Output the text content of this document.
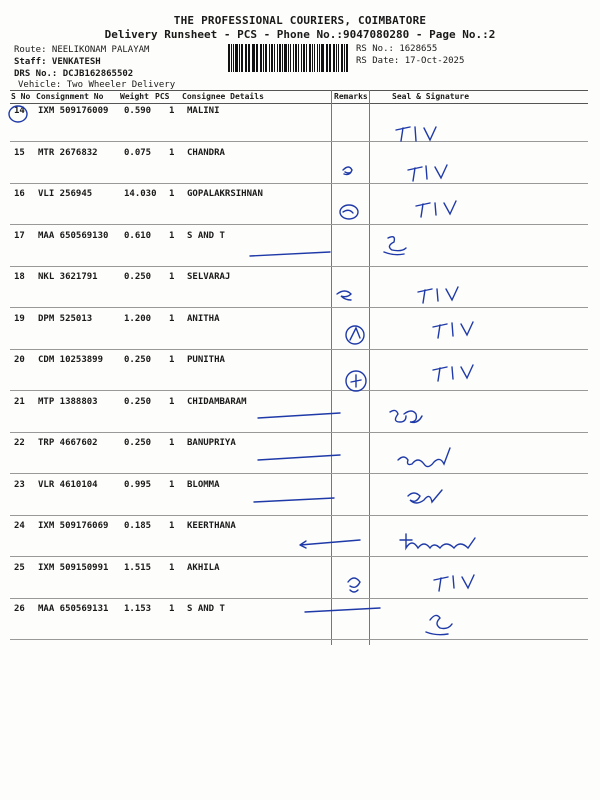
THE PROFESSIONAL COURIERS, COIMBATORE
Delivery Runsheet - PCS - Phone No.:9047080280 - Page No.:2
Route: NEELIKONAM PALAYAM
Staff: VENKATESH
DRS No.: DCJB162865502
Vehicle: Two Wheeler Delivery
RS No.: 1628655
RS Date: 17-Oct-2025
S No Consignment No Weight PCS Consignee Details	Remarks	Seal & Signature
14 IXM 509176009 0.590 1 MALINI
15 MTR 2676832	0.075 1 CHANDRA
16 VLI 256945	14.030 1 GOPALAKRSIHNAN
17 MAA 650569130 0.610 1 S AND T
18 NKL 3621791	0.250 1 SELVARAJ
19 DPM 525013	1.200 1 ANITHA
20 CDM 10253899 0.250 1 PUNITHA
21 MTP 1388803	0.250 1 CHIDAMBARAM
22 TRP 4667602	0.250 1 BANUPRIYA
23 VLR 4610104	0.995 1 BLOMMA
24 IXM 509176069 0.185 1 KEERTHANA
25 IXM 509150991 1.515 1 AKHILA
26 MAA 650569131 1.153 1 S AND T
